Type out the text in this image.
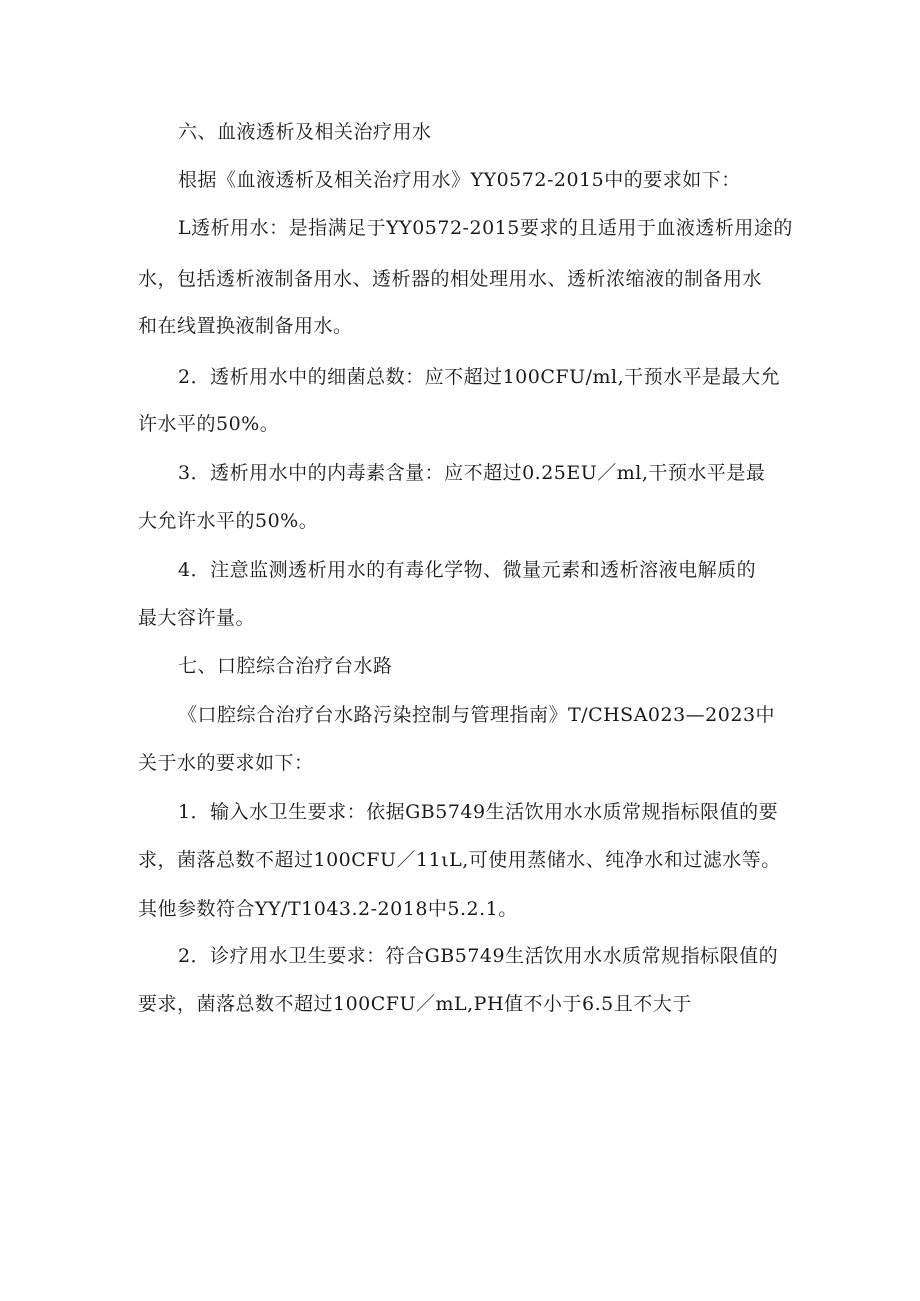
六、血液透析及相关治疗用水
根据《血液透析及相关治疗用水》YY0572-2015中的要求如下：
L透析用水：是指满足于YY0572-2015要求的且适用于血液透析用途的
水，包括透析液制备用水、透析器的相处理用水、透析浓缩液的制备用水
和在线置换液制备用水。
2．透析用水中的细菌总数：应不超过100CFU/ml,干预水平是最大允
许水平的50%。
3．透析用水中的内毒素含量：应不超过0.25EU／ml,干预水平是最
大允许水平的50%。
4．注意监测透析用水的有毒化学物、微量元素和透析溶液电解质的
最大容许量。
七、口腔综合治疗台水路
《口腔综合治疗台水路污染控制与管理指南》T/CHSA023—2023中
关于水的要求如下：
1．输入水卫生要求：依据GB5749生活饮用水水质常规指标限值的要
求，菌落总数不超过100CFU／11ιL,可使用蒸储水、纯净水和过滤水等。
其他参数符合YY/T1043.2-2018中5.2.1。
2．诊疗用水卫生要求：符合GB5749生活饮用水水质常规指标限值的
要求，菌落总数不超过100CFU／mL,PH值不小于6.5且不大于
